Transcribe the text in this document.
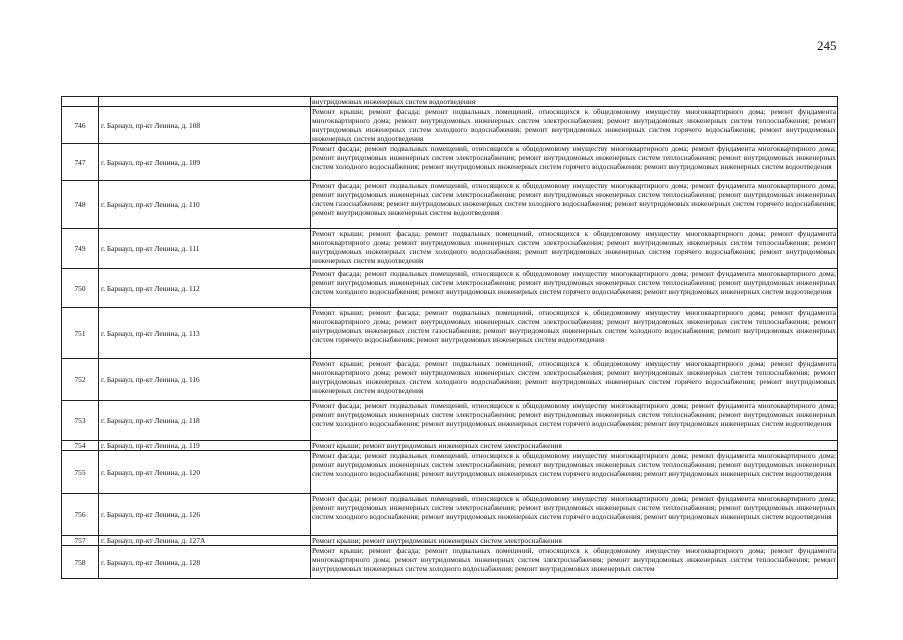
245
		внутридомовых инженерных систем водоотведения
746	г. Барнаул, пр-кт Ленина, д. 108	Ремонт крыши; ремонт фасада; ремонт подвальных помещений, относящихся к общедомовому имуществу многоквартирного дома; ремонт фундамента многоквартирного дома; ремонт внутридомовых инженерных систем электроснабжения; ремонт внутридомовых инженерных систем теплоснабжения; ремонт внутридомовых инженерных систем холодного водоснабжения; ремонт внутридомовых инженерных систем горячего водоснабжения; ремонт внутридомовых инженерных систем водоотведения
747	г. Барнаул, пр-кт Ленина, д. 109	Ремонт фасада; ремонт подвальных помещений, относящихся к общедомовому имуществу многоквартирного дома; ремонт фундамента многоквартирного дома; ремонт внутридомовых инженерных систем электроснабжения; ремонт внутридомовых инженерных систем теплоснабжения; ремонт внутридомовых инженерных систем холодного водоснабжения; ремонт внутридомовых инженерных систем горячего водоснабжения; ремонт внутридомовых инженерных систем водоотведения
748	г. Барнаул, пр-кт Ленина, д. 110	Ремонт фасада; ремонт подвальных помещений, относящихся к общедомовому имуществу многоквартирного дома; ремонт фундамента многоквартирного дома; ремонт внутридомовых инженерных систем электроснабжения; ремонт внутридомовых инженерных систем теплоснабжения; ремонт внутридомовых инженерных систем газоснабжения; ремонт внутридомовых инженерных систем холодного водоснабжения; ремонт внутридомовых инженерных систем горячего водоснабжения; ремонт внутридомовых инженерных систем водоотведения
749	г. Барнаул, пр-кт Ленина, д. 111	Ремонт крыши; ремонт фасада; ремонт подвальных помещений, относящихся к общедомовому имуществу многоквартирного дома; ремонт фундамента многоквартирного дома; ремонт внутридомовых инженерных систем электроснабжения; ремонт внутридомовых инженерных систем теплоснабжения; ремонт внутридомовых инженерных систем холодного водоснабжения; ремонт внутридомовых инженерных систем горячего водоснабжения; ремонт внутридомовых инженерных систем водоотведения
750	г. Барнаул, пр-кт Ленина, д. 112	Ремонт фасада; ремонт подвальных помещений, относящихся к общедомовому имуществу многоквартирного дома; ремонт фундамента многоквартирного дома; ремонт внутридомовых инженерных систем электроснабжения; ремонт внутридомовых инженерных систем теплоснабжения; ремонт внутридомовых инженерных систем холодного водоснабжения; ремонт внутридомовых инженерных систем горячего водоснабжения; ремонт внутридомовых инженерных систем водоотведения
751	г. Барнаул, пр-кт Ленина, д. 113	Ремонт крыши; ремонт фасада; ремонт подвальных помещений, относящихся к общедомовому имуществу многоквартирного дома; ремонт фундамента многоквартирного дома; ремонт внутридомовых инженерных систем электроснабжения; ремонт внутридомовых инженерных систем теплоснабжения; ремонт внутридомовых инженерных систем газоснабжения; ремонт внутридомовых инженерных систем холодного водоснабжения; ремонт внутридомовых инженерных систем горячего водоснабжения; ремонт внутридомовых инженерных систем водоотведения
752	г. Барнаул, пр-кт Ленина, д. 116	Ремонт крыши; ремонт фасада; ремонт подвальных помещений, относящихся к общедомовому имуществу многоквартирного дома; ремонт фундамента многоквартирного дома; ремонт внутридомовых инженерных систем электроснабжения; ремонт внутридомовых инженерных систем теплоснабжения; ремонт внутридомовых инженерных систем холодного водоснабжения; ремонт внутридомовых инженерных систем горячего водоснабжения; ремонт внутридомовых инженерных систем водоотведения
753	г. Барнаул, пр-кт Ленина, д. 118	Ремонт фасада; ремонт подвальных помещений, относящихся к общедомовому имуществу многоквартирного дома; ремонт фундамента многоквартирного дома; ремонт внутридомовых инженерных систем электроснабжения; ремонт внутридомовых инженерных систем теплоснабжения; ремонт внутридомовых инженерных систем холодного водоснабжения; ремонт внутридомовых инженерных систем горячего водоснабжения; ремонт внутридомовых инженерных систем водоотведения
754	г. Барнаул, пр-кт Ленина, д. 119	Ремонт крыши; ремонт внутридомовых инженерных систем электроснабжения
755	г. Барнаул, пр-кт Ленина, д. 120	Ремонт фасада; ремонт подвальных помещений, относящихся к общедомовому имуществу многоквартирного дома; ремонт фундамента многоквартирного дома; ремонт внутридомовых инженерных систем электроснабжения; ремонт внутридомовых инженерных систем теплоснабжения; ремонт внутридомовых инженерных систем холодного водоснабжения; ремонт внутридомовых инженерных систем горячего водоснабжения; ремонт внутридомовых инженерных систем водоотведения
756	г. Барнаул, пр-кт Ленина, д. 126	Ремонт фасада; ремонт подвальных помещений, относящихся к общедомовому имуществу многоквартирного дома; ремонт фундамента многоквартирного дома; ремонт внутридомовых инженерных систем электроснабжения; ремонт внутридомовых инженерных систем теплоснабжения; ремонт внутридомовых инженерных систем холодного водоснабжения; ремонт внутридомовых инженерных систем горячего водоснабжения; ремонт внутридомовых инженерных систем водоотведения
757	г. Барнаул, пр-кт Ленина, д. 127А	Ремонт крыши; ремонт внутридомовых инженерных систем электроснабжения
758	г. Барнаул, пр-кт Ленина, д. 128	Ремонт крыши; ремонт фасада; ремонт подвальных помещений, относящихся к общедомовому имуществу многоквартирного дома; ремонт фундамента многоквартирного дома; ремонт внутридомовых инженерных систем электроснабжения; ремонт внутридомовых инженерных систем теплоснабжения; ремонт внутридомовых инженерных систем холодного водоснабжения; ремонт внутридомовых инженерных систем
